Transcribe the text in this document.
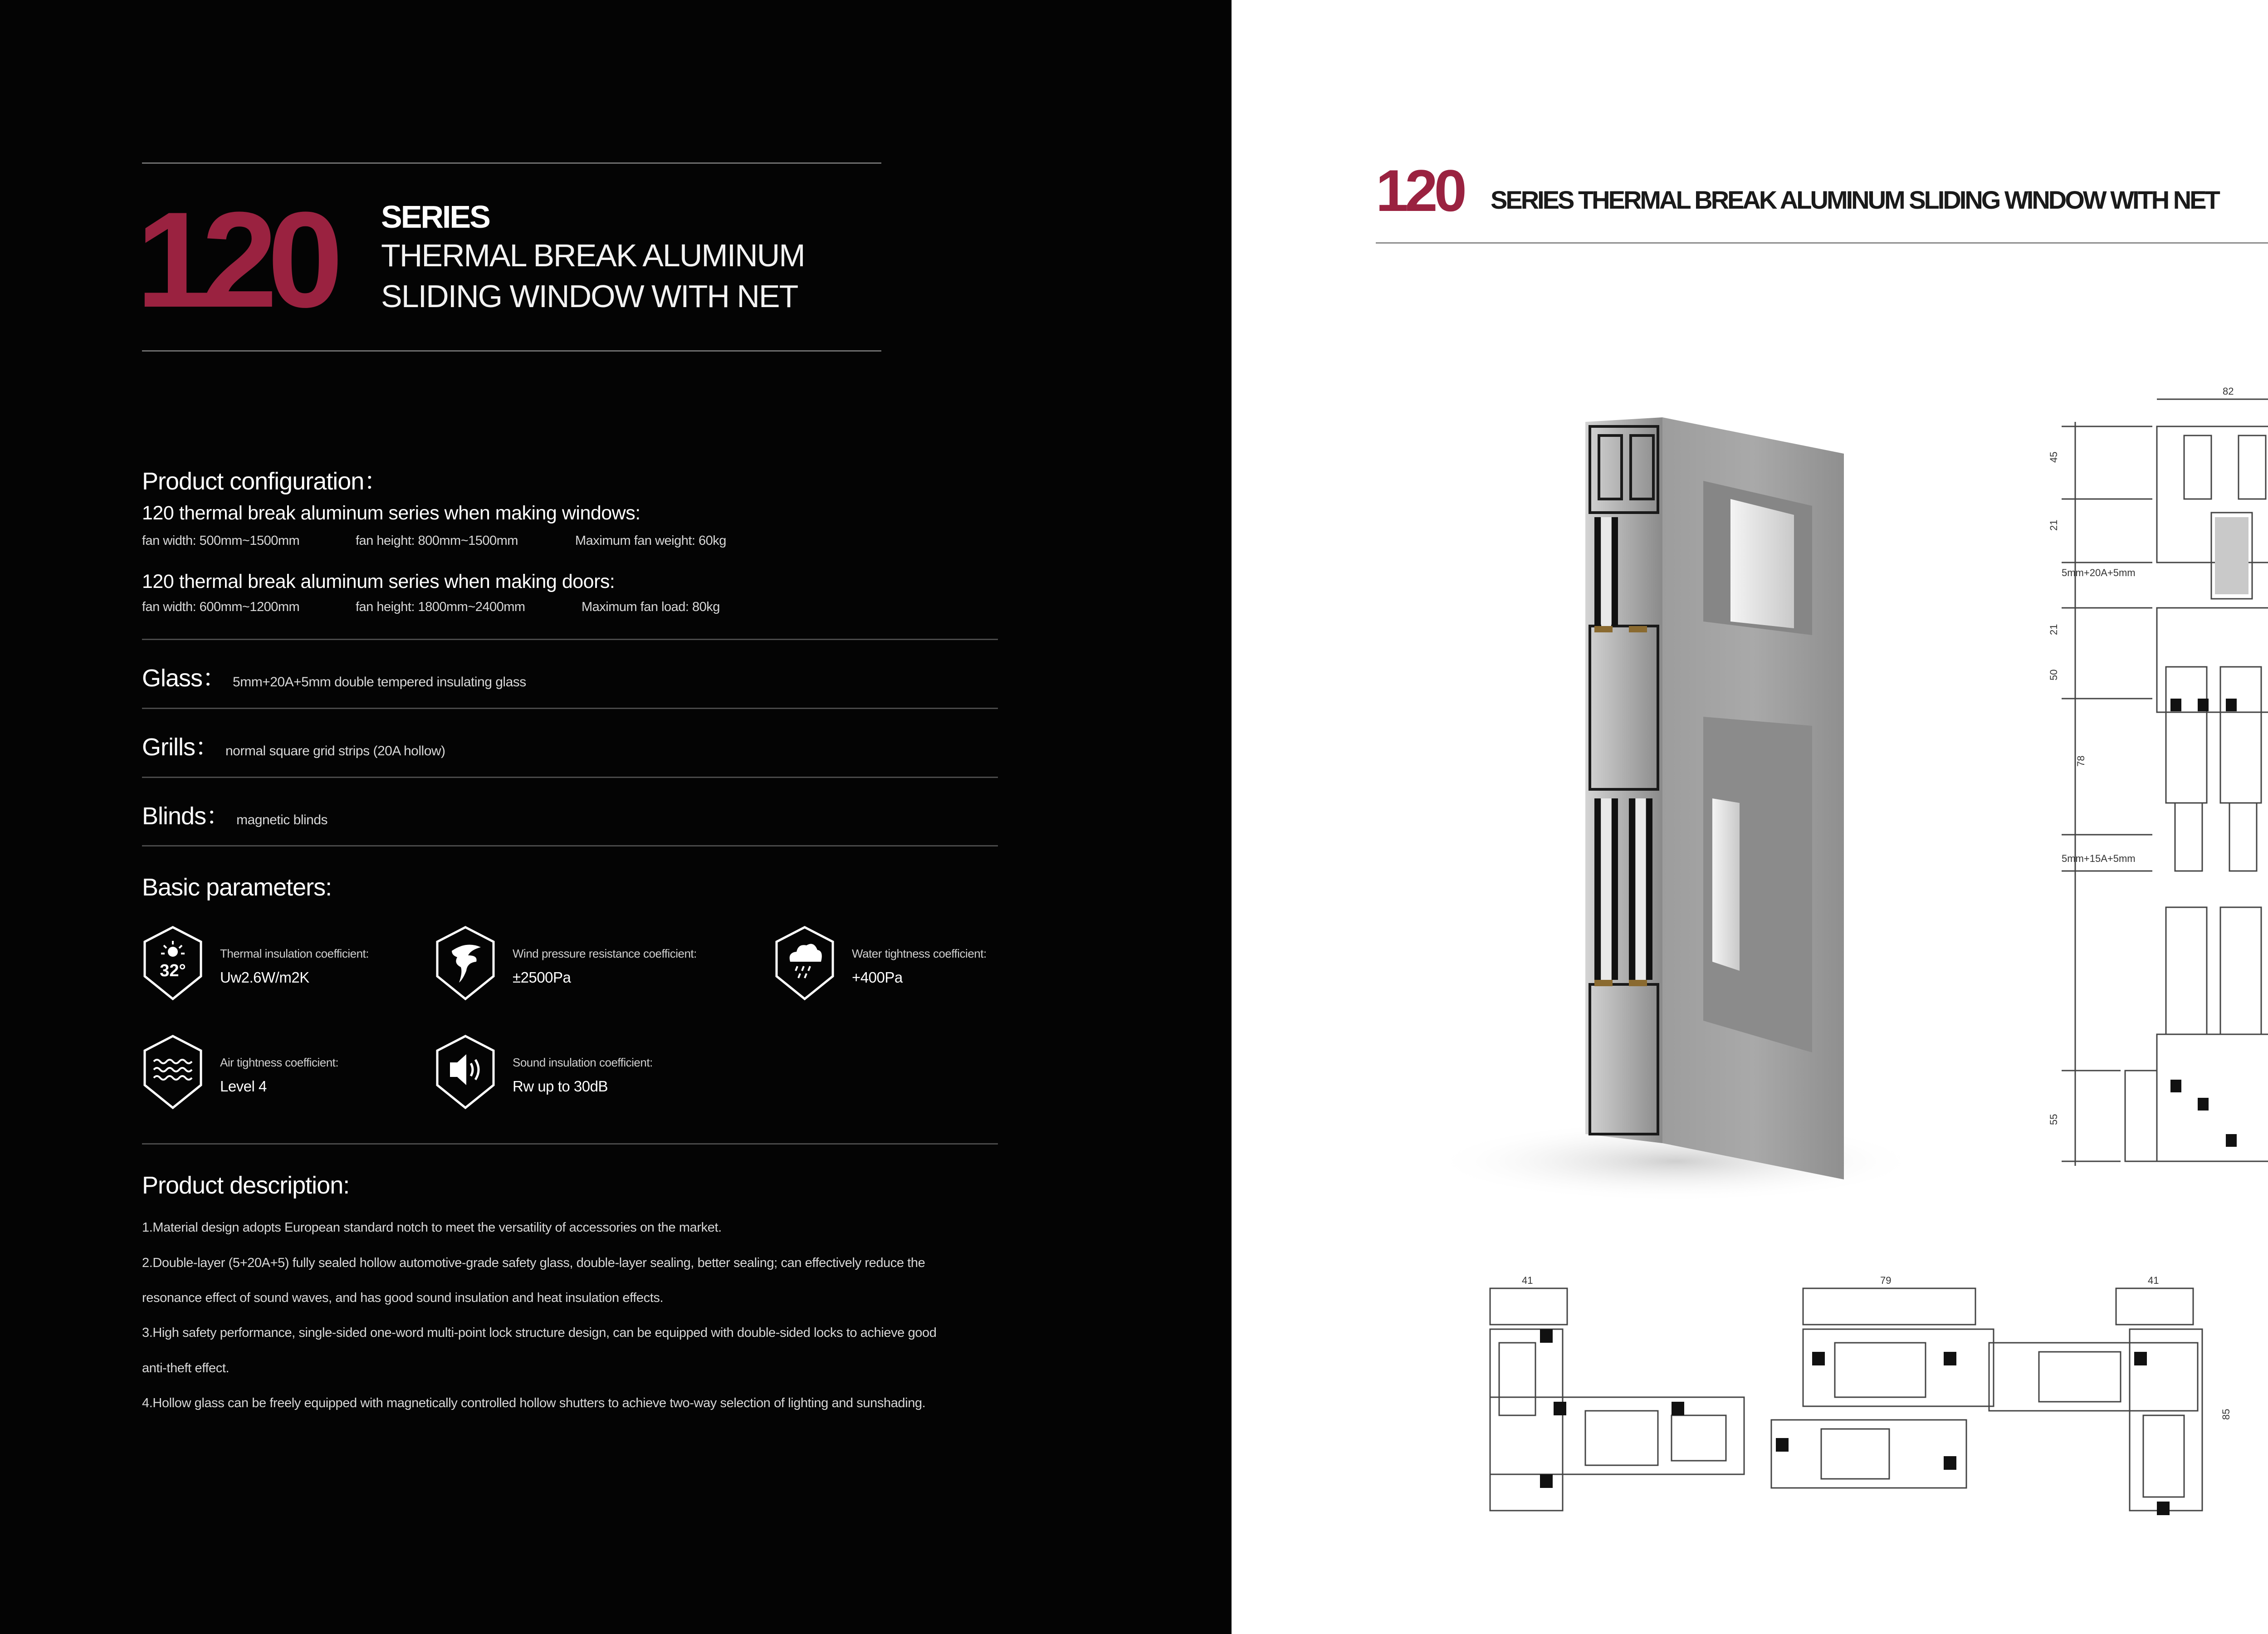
120 SERIES
THERMAL BREAK ALUMINUM
SLIDING WINDOW WITH NET
Product configuration：
120 thermal break aluminum series when making windows:
fan width: 500mm~1500mm	fan height: 800mm~1500mm	Maximum fan weight: 60kg
120 thermal break aluminum series when making doors:
fan width: 600mm~1200mm	fan height: 1800mm~2400mm	Maximum fan load: 80kg
Glass： 5mm+20A+5mm double tempered insulating glass
Grills： normal square grid strips (20A hollow)
Blinds： magnetic blinds
Basic parameters:
32°
Thermal insulation coefficient:
Uw2.6W/m2K
Wind pressure resistance coefficient:
±2500Pa
Water tightness coefficient:
+400Pa
Air tightness coefficient:
Level 4
Sound insulation coefficient:
Rw up to 30dB
Product description:
1.Material design adopts European standard notch to meet the versatility of accessories on the market.
2.Double-layer (5+20A+5) fully sealed hollow automotive-grade safety glass, double-layer sealing, better sealing; can effectively reduce the
resonance effect of sound waves, and has good sound insulation and heat insulation effects.
3.High safety performance, single-sided one-word multi-point lock structure design, can be equipped with double-sided locks to achieve good
anti-theft effect.
4.Hollow glass can be freely equipped with magnetically controlled hollow shutters to achieve two-way selection of lighting and sunshading.
120 SERIES THERMAL BREAK ALUMINUM SLIDING WINDOW WITH NET
82
45
21
5mm+20A+5mm
21
50
78
5mm+15A+5mm
55
41	79	41
85
